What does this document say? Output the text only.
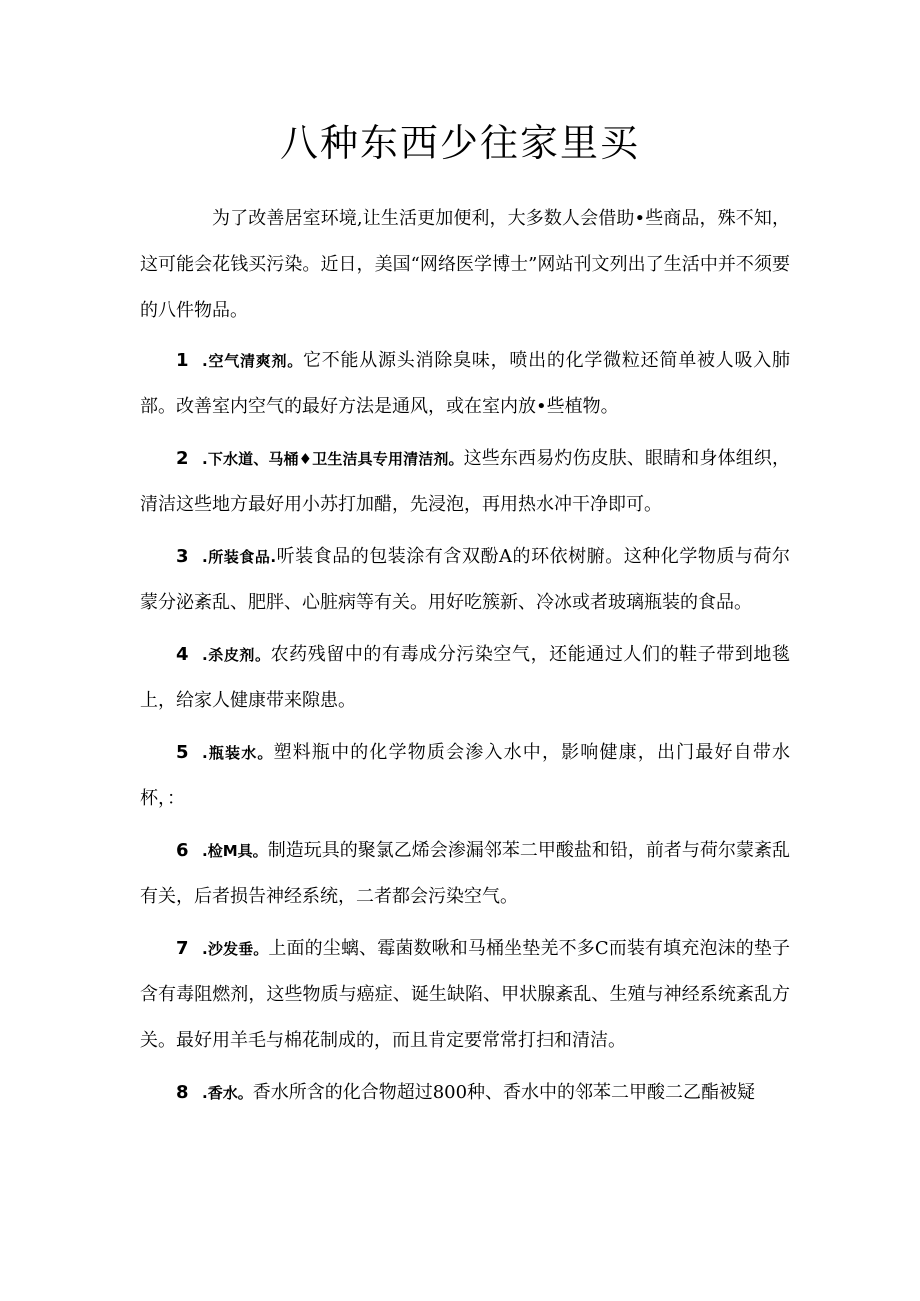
八种东西少往家里买

为了改善居室环境,让生活更加便利，大多数人会借助•些商品，殊不知，这可能会花钱买污染。近日，美国“网络医学博士”网站刊文列出了生活中并不须要的八件物品。

1 .空气清爽剂。它不能从源头消除臭味，喷出的化学微粒还简单被人吸入肺部。改善室内空气的最好方法是通风，或在室内放•些植物。

2 .下水道、马桶♦卫生洁具专用清洁剂。这些东西易灼伤皮肤、眼睛和身体组织，清洁这些地方最好用小苏打加醋，先浸泡，再用热水冲干净即可。

3 .所装食品.听装食品的包装涂有含双酚A的环依树腑。这种化学物质与荷尔蒙分泌紊乱、肥胖、心脏病等有关。用好吃簇新、冷冰或者玻璃瓶装的食品。

4 .杀皮剂。农药残留中的有毒成分污染空气，还能通过人们的鞋子带到地毯上，给家人健康带来隙患。

5 .瓶装水。塑料瓶中的化学物质会渗入水中，影响健康，出门最好自带水杯，：

6 .检M具。制造玩具的聚氯乙烯会渗漏邻苯二甲酸盐和铅，前者与荷尔蒙紊乱有关，后者损告神经系统，二者都会污染空气。

7 .沙发垂。上面的尘螭、霉菌数啾和马桶坐垫羌不多C而装有填充泡沫的垫子含有毒阻燃剂，这些物质与癌症、诞生缺陷、甲状腺紊乱、生殖与神经系统紊乱方关。最好用羊毛与棉花制成的，而且肯定要常常打扫和清洁。

8 .香水。香水所含的化合物超过800种、香水中的邻苯二甲酸二乙酯被疑
